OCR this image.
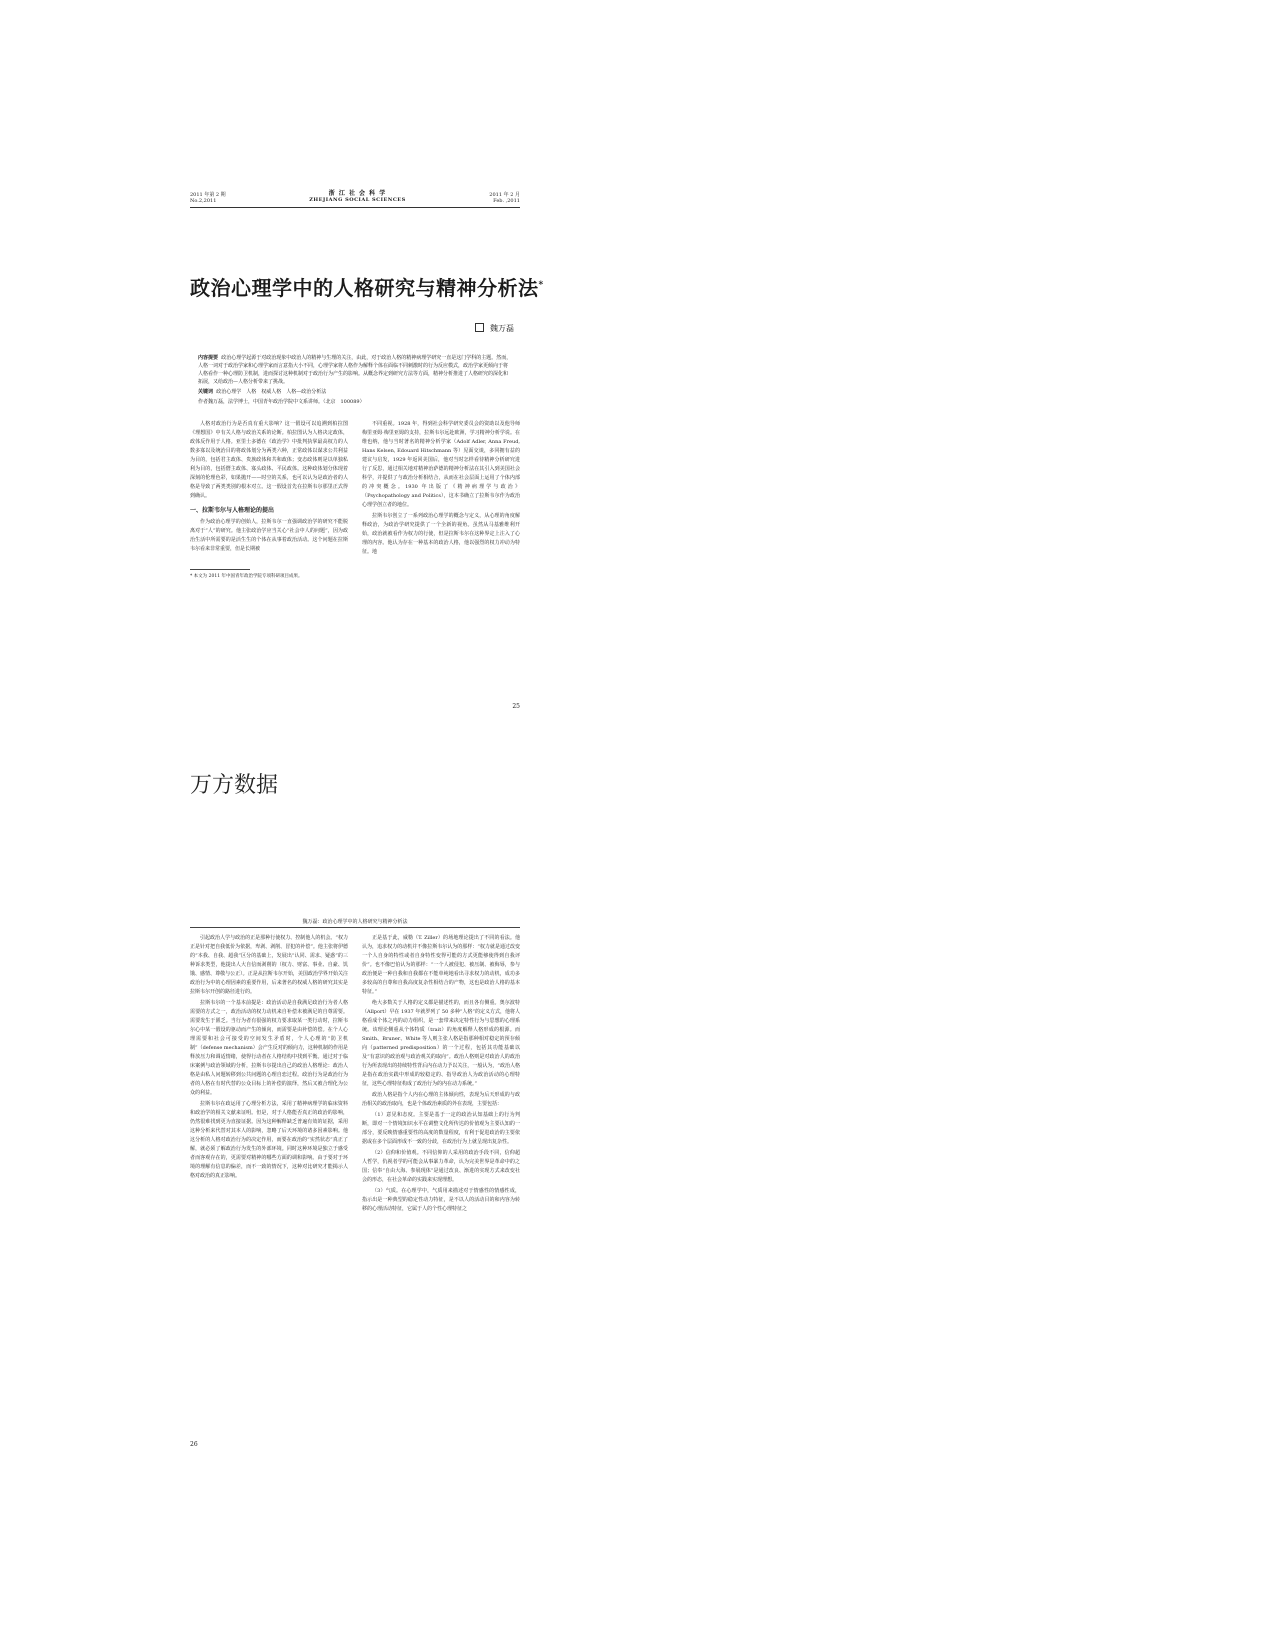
2011 年第 2 期
No.2,2011
浙 江 社 会 科 学
ZHEJIANG SOCIAL SCIENCES
2011 年 2 月
Feb. ,2011
政治心理学中的人格研究与精神分析法*
魏万磊
内容提要 政治心理学起源于对政治现象中政治人的精神与生理的关注，由此，对于政治人格的精神病理学研究一直是这门学科的主题。然而，人格一词对于政治学家和心理学家而言意指大小不同，心理学家将人格作为解释个体在面临不同刺激时的行为反应模式，政治学家更倾向于将人格看作一种心理防卫机制，进而探讨这种机制对于政治行为产生的影响。从概念界定到研究方法等方面，精神分析推进了人格研究的深化和拓展，又给政治—人格分析带来了挑战。
关键词 政治心理学　人格　权威人格　人格—政治分析法
作者魏万磊，法学博士，中国青年政治学院中文系讲师。（北京　100089）

人格对政治行为是否真有重大影响？这一假设可以追溯到柏拉图《理想国》中有关人格与政治关系的论断。柏拉图认为人格决定政体，政体反作用于人格。亚里士多德在《政治学》中批判执掌最高权力的人数多寡以及统治目的将政体划分为两类六种，正常政体以谋求公共利益为目的，包括君主政体、贵族政体和共和政体；变态政体则是以单独私利为目的，包括僭主政体、寡头政体、平民政体。这种政体划分体现着深刻的伦理色彩，如果抛开——时空的关系，也可以认为是政治者的人格是导致了两类类别的根本对立。这一假设首先在拉斯韦尔那里正式得到确认。

一、拉斯韦尔与人格理论的提出

作为政治心理学的创始人，拉斯韦尔一直强调政治学的研究不能脱离对于“人”的研究。他主张政治学应当关心“社会中人的问题”，因为政治生活中所需要的是活生生的个体在从事着政治活动。这个问题在拉斯韦尔看来非常重要，但是长期被

不同重视。1928 年，得到社会科学研究委员会的资助以及他导师梅里亚姆·梅里亚姆的支持，拉斯韦尔远赴欧洲，学习精神分析学说。在维也纳，他与当时著名的精神分析学家（Adolf Adler, Anna Freud, Hans Kelsen, Edouard Hitschmann 等）见面交谈，多同拥有益的建议与启发，1929 年返回美国后，他对当时怎样看待精神分析研究进行了反思，通过相关地对精神治萨德的精神分析法在其引入到美国社会科学，并提供了与政治分析相结合，从而在社会层面上运用了个体内部的冲突概念。1930 年出版了《精神病理学与政治》（Psychopathology and Politics），这本书确立了拉斯韦尔作为政治心理学创立者的地位。

拉斯韦尔创立了一系列政治心理学的概念与定义，从心理的角度解释政治，为政治学研究提供了一个全新的视角。虽然从马基雅维利开始，政治就被看作为权力的行使，但是拉斯韦尔在这种界定上注入了心理的内容。他认为存在一种基本的政治人格，他以强烈的权力冲动为特征。地

* 本文为 2011 年中国青年政治学院专项科研项目成果。
25
万方数据
魏万磊：政治心理学中的人格研究与精神分析法

引起政治人学与政治的正是那种行使权力、控制他人的机会。“权力正是针对把自我低价为依据，卑剥、剥削、冒犯的补偿”。他主张将伊德的“本我、自我、超我”区分的基础上，发展出“认同、需求、疑惑”的三种诉求类型，他提出人大自信而剥削的（权力、财富、事业、自豪、饥饿、感情、尊敬与公正）。正是从拉斯韦尔开始，美国政治学界开始关注政治行为中的心理因素的重要作用，后来著名的权威人格的研究其实是拉斯韦尔开创的路径进行的。

拉斯韦尔的一个基本前提是：政治活动是自我满足政治行为者人格需要的方式之一，政治活动的权力动机来自补偿未被满足的自尊需要。需要发生于匮乏。当行为者有很强的权力要求取某一类行动时，拉斯韦尔心中某一假设的驱动而产生的倾向，而需要是由补偿的偿。在个人心理需要和社会可接受的空间发生矛盾时，个人心理的“防卫机制”（defense mechanism）会产生反对的倾向力，这种机制的作用是释放压力和调适情绪，使得行动者在人格结构中找到平衡。通过对于临床案例与政治领域的分析，拉斯韦尔提出自己的政治人格理论：政治人格是由私人问题转移到公共问题的心理自恋过程。政治行为是政治行为者的人格在有时代替的公众目标上的补偿的演绎，然后又被合理化为公众的利益。

拉斯韦尔在政运用了心理分析方法，采用了精神病理学的临床资料和政治学的相关文献来证明。但是，对于人格能否真正的政治的影响，仍然很难找到更为直接证据。因为这种解释缺乏普遍有效的证据，采用这种分析来代替对其本人的影响，忽略了后天环境的诸多因素影响。他这分析的人格对政治行为的决定作用，而要在政治的“实然状态”真正了解，就必须了解政治行为发生的外部环境。同时这种环境是独立于感受者而客观存在的，更需要对精神的哪些方面的调和影响。由于要对于环境的理解有信息的偏差，而不一致的情况下，这种对比研究才能揭示人格对政治的真正影响。

正是基于此，威勒（T. Ziller）的场地理论提出了不同的看法。他认为，追求权力的动机并不像拉斯韦尔认为的那样：“权力就是通过改变一个人自身的特性或者自身特性变得可能的方式更能够使得到自我评价”。也不像巴伯认为的那样：“一个人被侵犯、被压制、被侮辱，参与政治便是一种自我和自我都在不能单纯地看出寻求权力的动机，成功多多较高的自尊和自我高度复杂性相结合的产物，这也是政治人格的基本特征。”

绝大多数关于人格的定义都是描述性的，而且各有侧重。奥尔波特（Allport）早在 1937 年就罗列了 50 多种“人格”的定义方式，他将人格看成个体之内的动力组织，是一套带来决定特性行为与思想的心理系统。该理论侧重从个体特质（trait）的角度解释人格形成的根源。而 Smith、Bruner、White 等人则主张人格是指那种相对稳定的预存倾向（patterned predisposition）的一个过程，包括其功能基础以及“有意识的政治观与政治观关的取向”。政治人格则是对政治人的政治行为所表现出的持续特性背后内在动力予以关注，一般认为，“政治人格是指在政治实践中形成的较稳定的、指导政治人为政治活动的心理特征，这些心理特征构成了政治行为的内在动力系统。”

政治人格是指个人内在心理的主体倾向性，表现为后天形成的与政治相关的政治取向，也是个体政治素质的外在表现，主要包括：

（1）意见和态度。主要是基于一定的政治认知基础上的行为判断，即对一个情境知识水平在调整文化所传达的价值观为主要认知的一部分，要反映情感重要性的高度的数量程度，有利于促进政治的主要依据或在多个层面形成不一致的分歧，在政治行为上就呈现出复杂性。

（2）信仰和价值观。不同信仰的人采用的政治手段不同，信仰超人哲学，仇视者学的可能会从事暴力革命，认为完美世界是革命中的之国；信奉“自由大海、参展现体”是通过改良、渐进的实现方式来改变社会的形态，在社会革命的实践来实现理想。

（3）气质。在心理学中，气质用来描述对于情感性的情感性成，指示出是一种典型的稳定性动力特征，是不以人的活动目的和内容为转移的心理活动特征，它属于人的个性心理特征之

26
